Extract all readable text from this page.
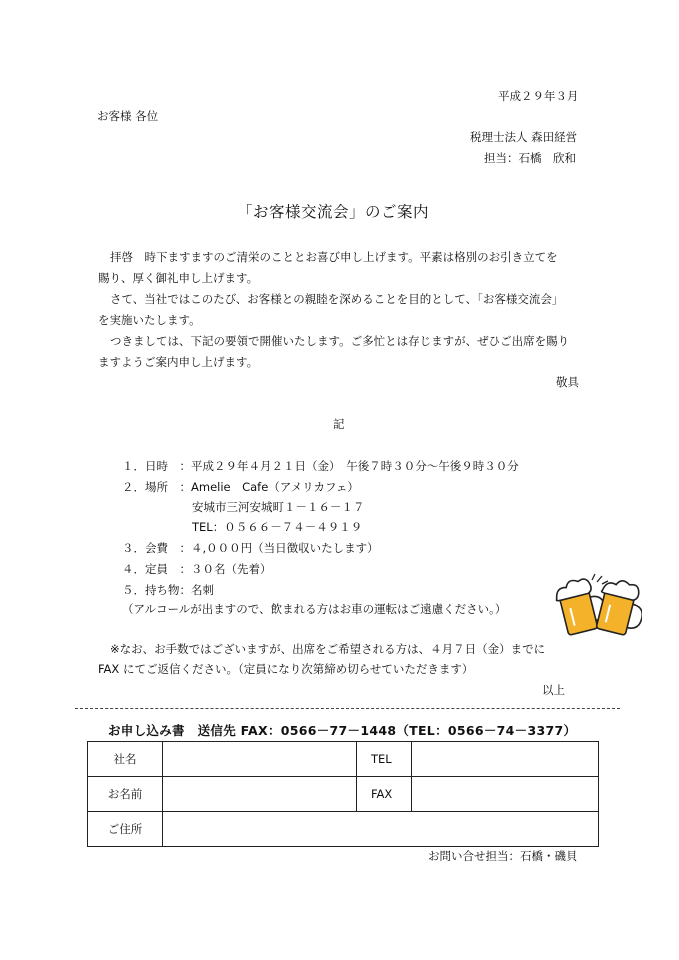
平成２９年３月
お客様 各位
税理士法人 森田経営
担当：石橋　欣和
「お客様交流会」のご案内

拝啓　時下ますますのご清栄のこととお喜び申し上げます。平素は格別のお引き立てを

賜り、厚く御礼申し上げます。

さて、当社ではこのたび、お客様との親睦を深めることを目的として、「お客様交流会」

を実施いたします。

つきましては、下記の要領で開催いたします。ご多忙とは存じますが、ぜひご出席を賜り

ますようご案内申し上げます。

敬具
記
１．日時　：平成２９年４月２１日（金）　午後７時３０分〜午後９時３０分
２．場所　：Amelie　Cafe（アメリカフェ）
安城市三河安城町１－１６－１７
TEL：０５６６－７４－４９１９
３．会費　：４,０００円（当日徴収いたします）
４．定員　：３０名（先着）
５．持ち物：名刺
（アルコールが出ますので、飲まれる方はお車の運転はご遠慮ください。）
※なお、お手数ではございますが、出席をご希望される方は、４月７日（金）までに
FAX にてご返信ください。（定員になり次第締め切らせていただきます）
以上
お申し込み書　送信先 FAX：0566－77－1448（TEL：0566－74－3377）
社名		TEL	
お名前		FAX	
ご住所			
お問い合せ担当：石橋・磯貝
